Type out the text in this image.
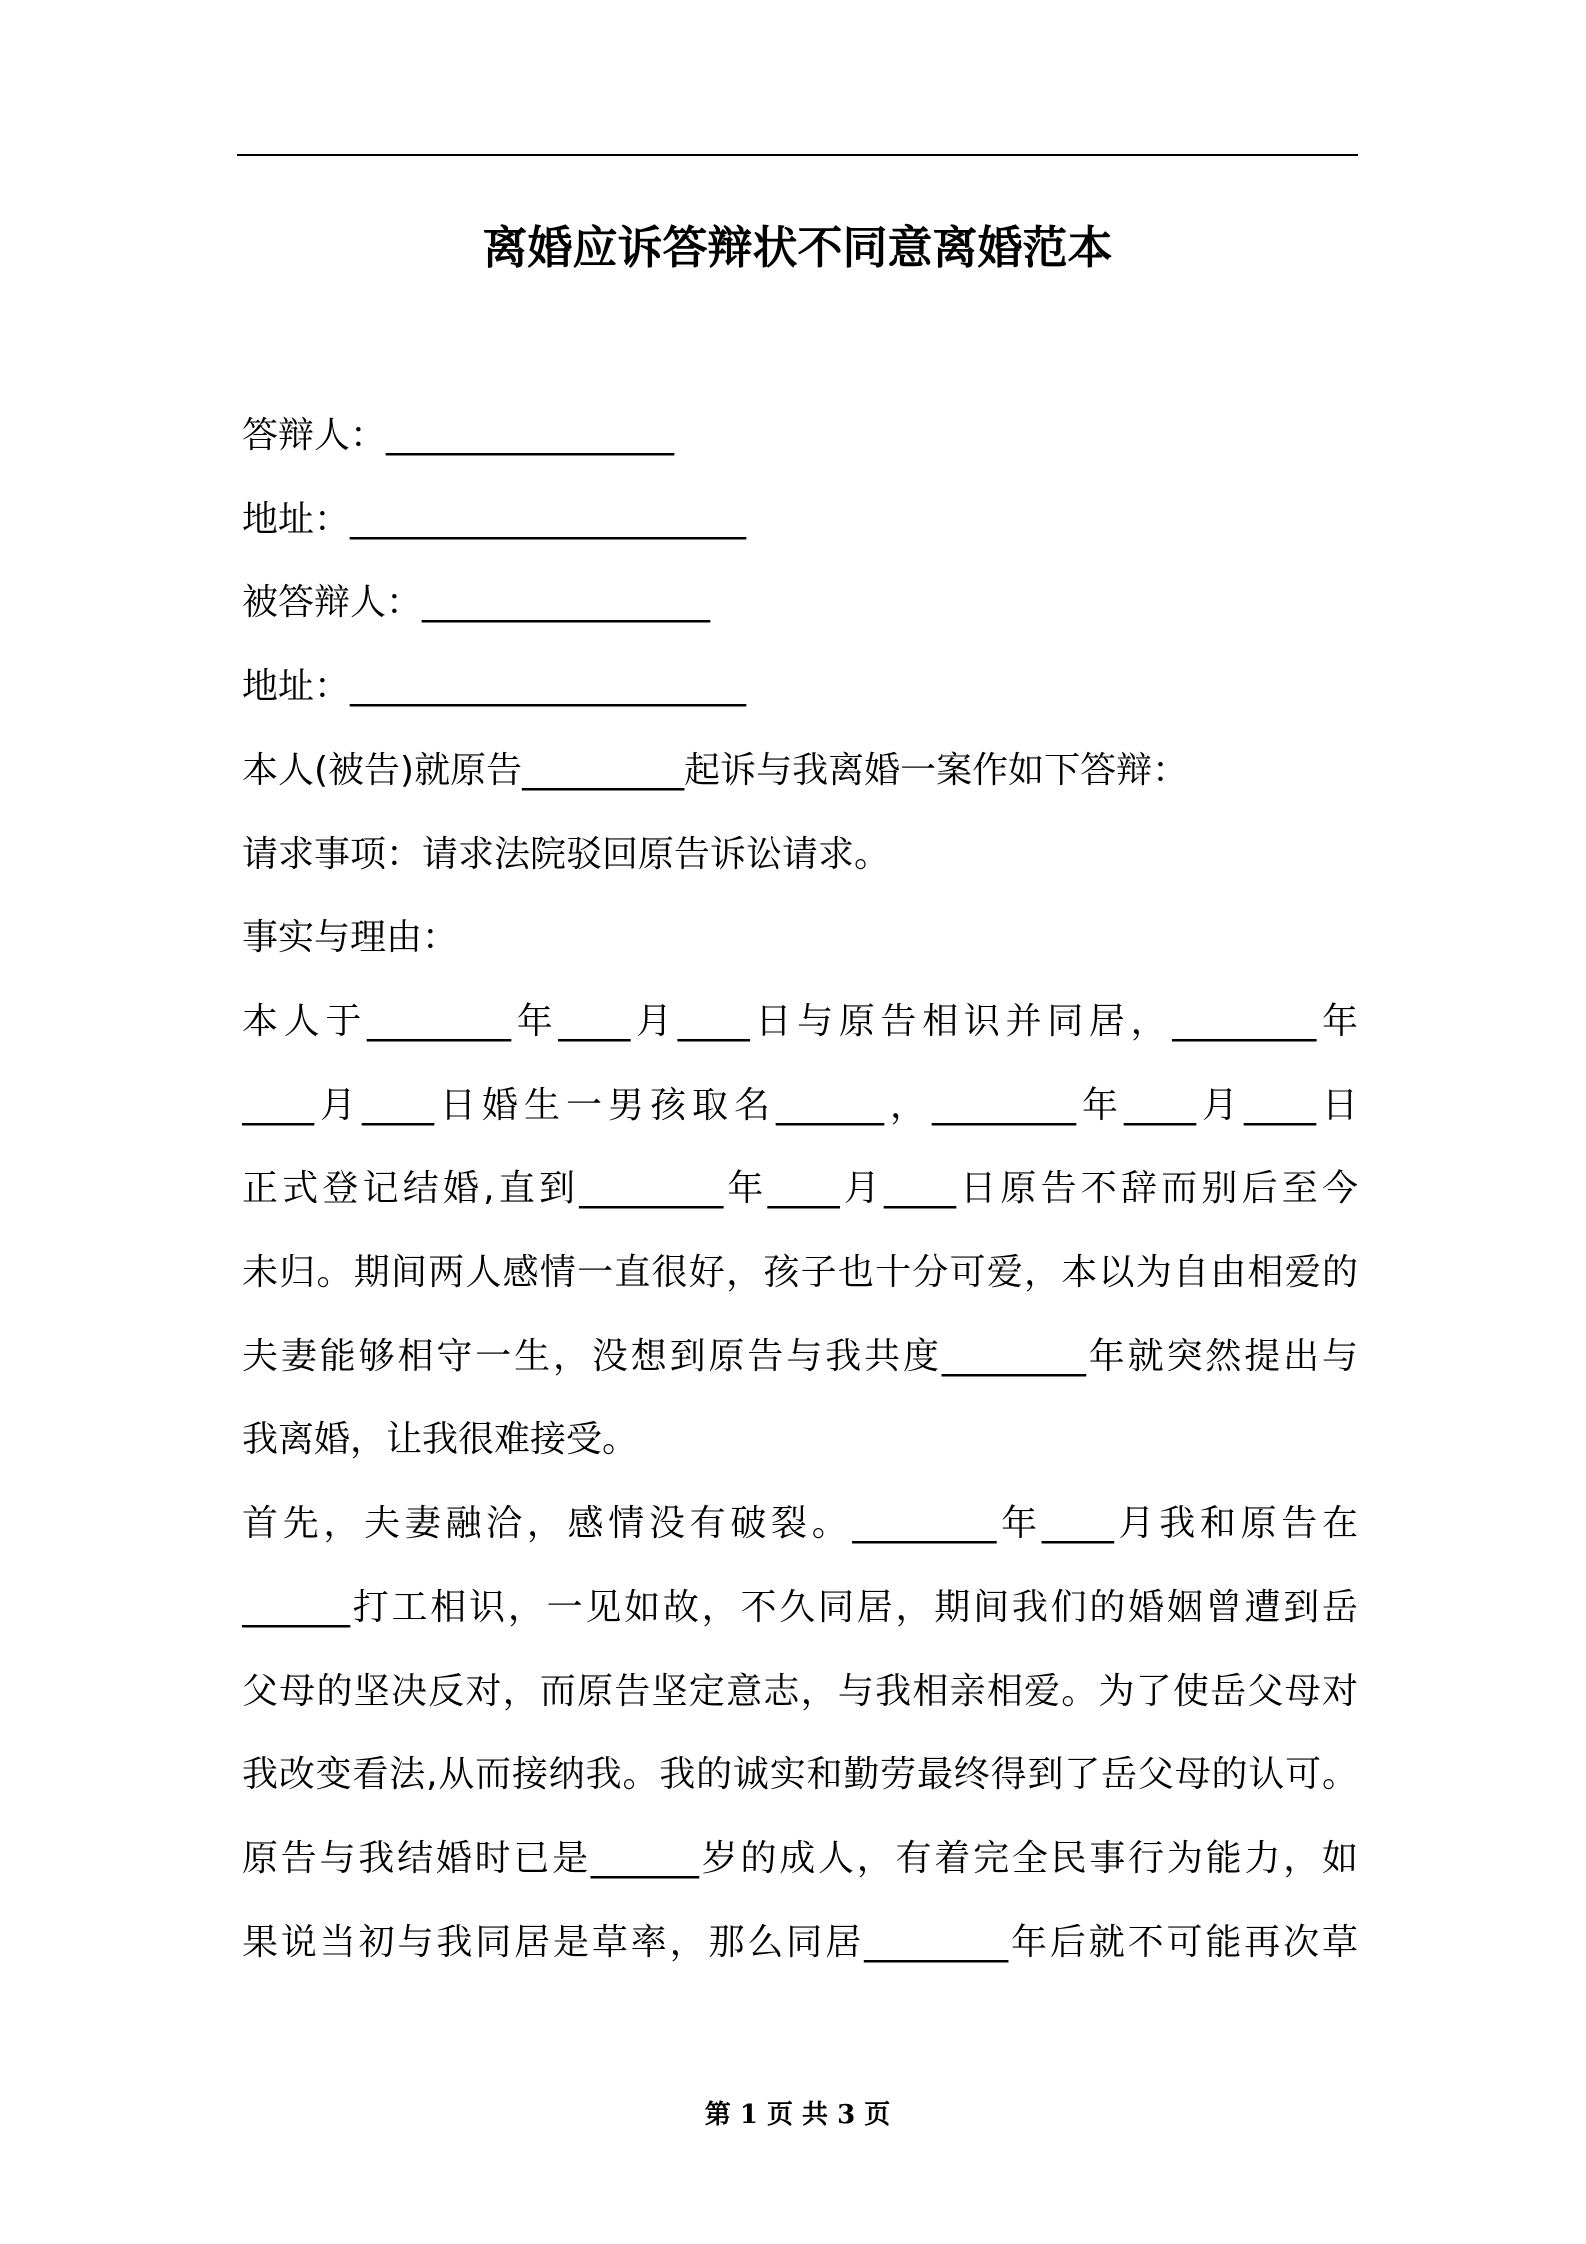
离婚应诉答辩状不同意离婚范本
答辩人：________________
地址：______________________
被答辩人：________________
地址：______________________
本人(被告)就原告_________起诉与我离婚一案作如下答辩：
请求事项：请求法院驳回原告诉讼请求。
事实与理由：
本人于________年____月____日与原告相识并同居，________年
____月____日婚生一男孩取名______，________年____月____日
正式登记结婚,直到________年____月____日原告不辞而别后至今
未归。期间两人感情一直很好，孩子也十分可爱，本以为自由相爱的
夫妻能够相守一生，没想到原告与我共度________年就突然提出与
我离婚，让我很难接受。
首先，夫妻融洽，感情没有破裂。________年____月我和原告在
______打工相识，一见如故，不久同居，期间我们的婚姻曾遭到岳
父母的坚决反对，而原告坚定意志，与我相亲相爱。为了使岳父母对
我改变看法,从而接纳我。我的诚实和勤劳最终得到了岳父母的认可。
原告与我结婚时已是______岁的成人，有着完全民事行为能力，如
果说当初与我同居是草率，那么同居________年后就不可能再次草
第 1 页 共 3 页
